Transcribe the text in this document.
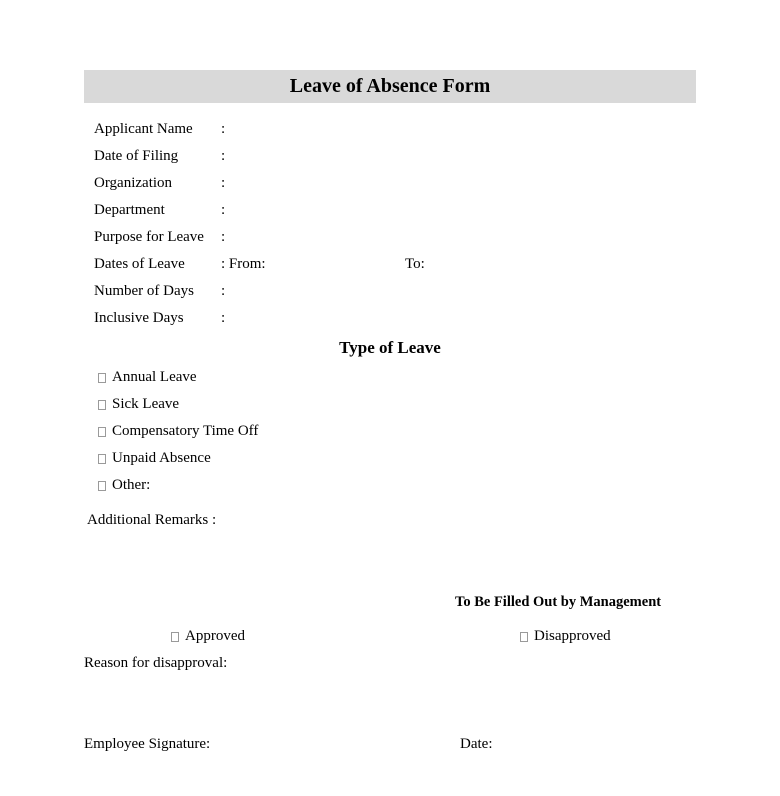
Leave of Absence Form
Applicant Name :
Date of Filing	:
Organization	:
Department	:
Purpose for Leave :
Dates of Leave : From:	To:
Number of Days :
Inclusive Days :
Type of Leave
Annual Leave
Sick Leave
Compensatory Time Off
Unpaid Absence
Other:
Additional Remarks :
To Be Filled Out by Management
Approved	Disapproved
Reason for disapproval:
Employee Signature:	Date:
